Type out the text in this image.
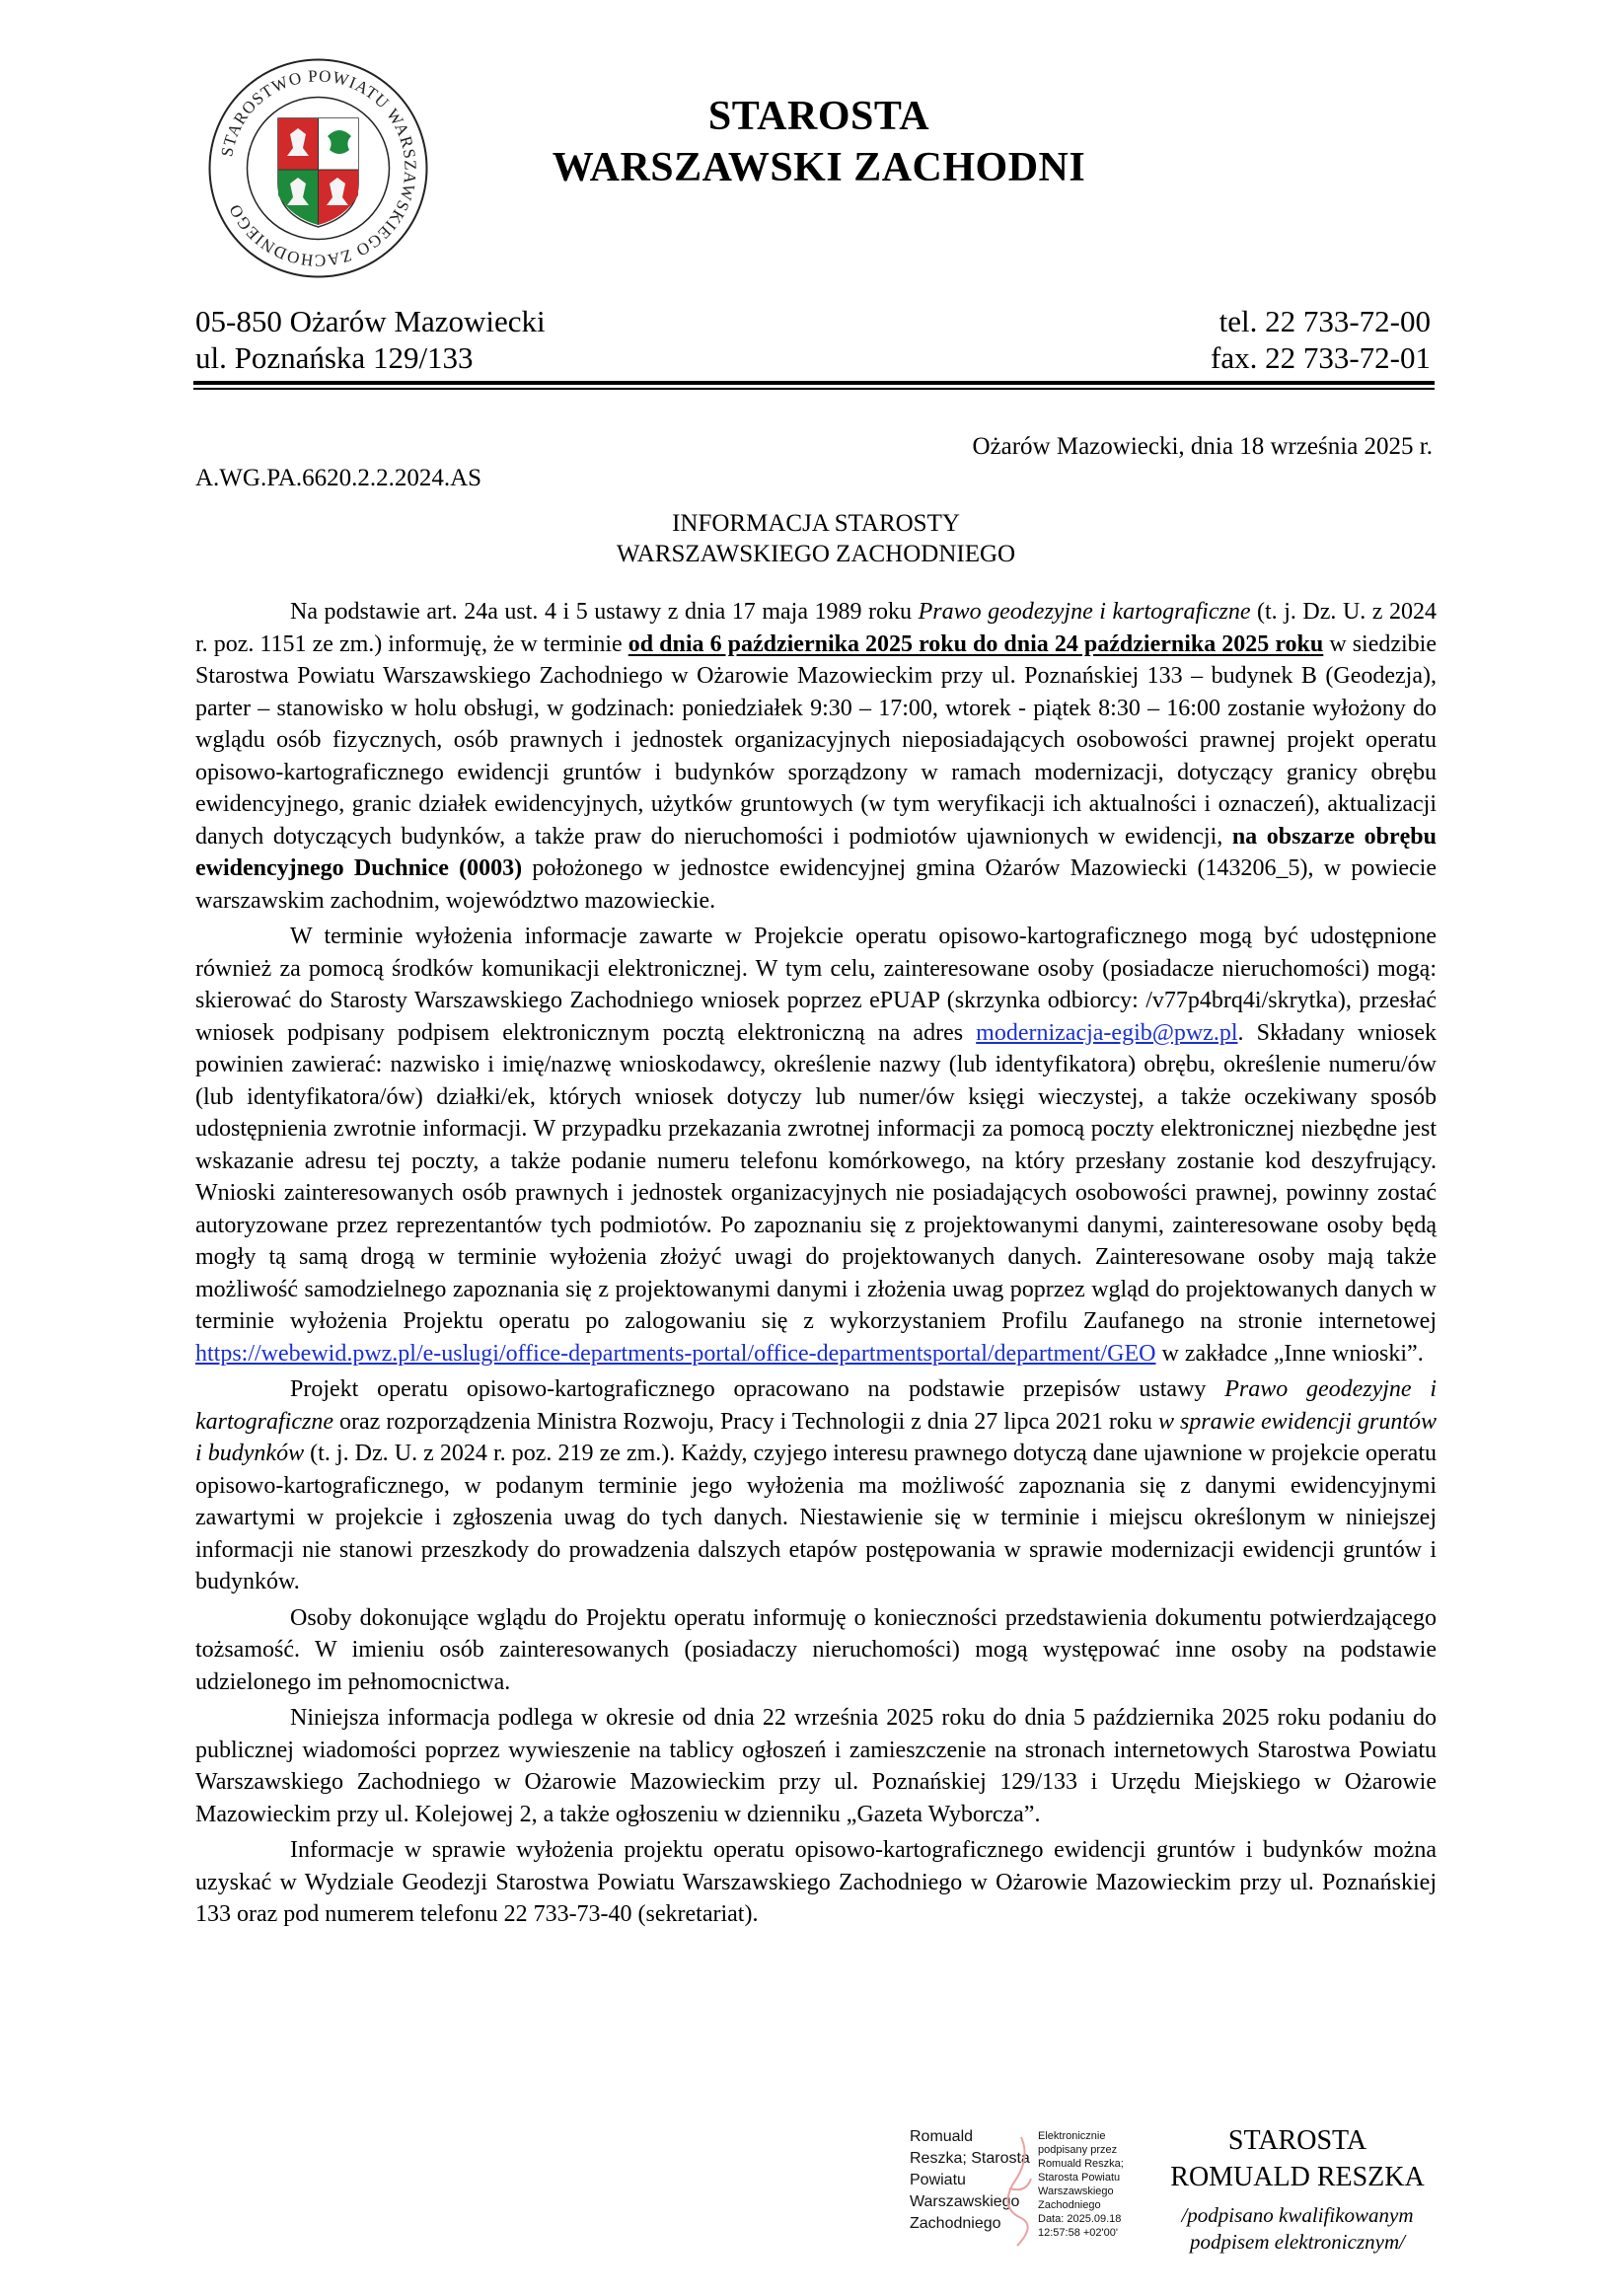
STAROSTWO POWIATU WARSZAWSKIEGO ZACHODNIEGO
STAROSTA
WARSZAWSKI ZACHODNI
05-850 Ożarów Mazowiecki
ul. Poznańska 129/133
tel. 22 733-72-00
fax. 22 733-72-01
Ożarów Mazowiecki, dnia 18 września 2025 r.
A.WG.PA.6620.2.2.2024.AS
INFORMACJA STAROSTY
WARSZAWSKIEGO ZACHODNIEGO

Na podstawie art. 24a ust. 4 i 5 ustawy z dnia 17 maja 1989 roku Prawo geodezyjne i kartograficzne (t. j. Dz. U. z 2024 r. poz. 1151 ze zm.) informuję, że w terminie od dnia 6 października 2025 roku do dnia 24 października 2025 roku w siedzibie Starostwa Powiatu Warszawskiego Zachodniego w Ożarowie Mazowieckim przy ul. Poznańskiej 133 – budynek B (Geodezja), parter – stanowisko w holu obsługi, w godzinach: poniedziałek 9:30 – 17:00, wtorek - piątek 8:30 – 16:00 zostanie wyłożony do wglądu osób fizycznych, osób prawnych i jednostek organizacyjnych nieposiadających osobowości prawnej projekt operatu opisowo-kartograficznego ewidencji gruntów i budynków sporządzony w ramach modernizacji, dotyczący granicy obrębu ewidencyjnego, granic działek ewidencyjnych, użytków gruntowych (w tym weryfikacji ich aktualności i oznaczeń), aktualizacji danych dotyczących budynków, a także praw do nieruchomości i podmiotów ujawnionych w ewidencji, na obszarze obrębu ewidencyjnego Duchnice (0003) położonego w jednostce ewidencyjnej gmina Ożarów Mazowiecki (143206_5), w powiecie warszawskim zachodnim, województwo mazowieckie.

W terminie wyłożenia informacje zawarte w Projekcie operatu opisowo-kartograficznego mogą być udostępnione również za pomocą środków komunikacji elektronicznej. W tym celu, zainteresowane osoby (posiadacze nieruchomości) mogą: skierować do Starosty Warszawskiego Zachodniego wniosek poprzez ePUAP (skrzynka odbiorcy: /v77p4brq4i/skrytka), przesłać wniosek podpisany podpisem elektronicznym pocztą elektroniczną na adres modernizacja-egib@pwz.pl. Składany wniosek powinien zawierać: nazwisko i imię/nazwę wnioskodawcy, określenie nazwy (lub identyfikatora) obrębu, określenie numeru/ów (lub identyfikatora/ów) działki/ek, których wniosek dotyczy lub numer/ów księgi wieczystej, a także oczekiwany sposób udostępnienia zwrotnie informacji. W przypadku przekazania zwrotnej informacji za pomocą poczty elektronicznej niezbędne jest wskazanie adresu tej poczty, a także podanie numeru telefonu komórkowego, na który przesłany zostanie kod deszyfrujący. Wnioski zainteresowanych osób prawnych i jednostek organizacyjnych nie posiadających osobowości prawnej, powinny zostać autoryzowane przez reprezentantów tych podmiotów. Po zapoznaniu się z projektowanymi danymi, zainteresowane osoby będą mogły tą samą drogą w terminie wyłożenia złożyć uwagi do projektowanych danych. Zainteresowane osoby mają także możliwość samodzielnego zapoznania się z projektowanymi danymi i złożenia uwag poprzez wgląd do projektowanych danych w terminie wyłożenia Projektu operatu po zalogowaniu się z wykorzystaniem Profilu Zaufanego na stronie internetowej https://webewid.pwz.pl/e-uslugi/office-departments-portal/office-departmentsportal/department/GEO w zakładce „Inne wnioski”.

Projekt operatu opisowo-kartograficznego opracowano na podstawie przepisów ustawy Prawo geodezyjne i kartograficzne oraz rozporządzenia Ministra Rozwoju, Pracy i Technologii z dnia 27 lipca 2021 roku w sprawie ewidencji gruntów i budynków (t. j. Dz. U. z 2024 r. poz. 219 ze zm.). Każdy, czyjego interesu prawnego dotyczą dane ujawnione w projekcie operatu opisowo-kartograficznego, w podanym terminie jego wyłożenia ma możliwość zapoznania się z danymi ewidencyjnymi zawartymi w projekcie i zgłoszenia uwag do tych danych. Niestawienie się w terminie i miejscu określonym w niniejszej informacji nie stanowi przeszkody do prowadzenia dalszych etapów postępowania w sprawie modernizacji ewidencji gruntów i budynków.

Osoby dokonujące wglądu do Projektu operatu informuję o konieczności przedstawienia dokumentu potwierdzającego tożsamość. W imieniu osób zainteresowanych (posiadaczy nieruchomości) mogą występować inne osoby na podstawie udzielonego im pełnomocnictwa.

Niniejsza informacja podlega w okresie od dnia 22 września 2025 roku do dnia 5 października 2025 roku podaniu do publicznej wiadomości poprzez wywieszenie na tablicy ogłoszeń i zamieszczenie na stronach internetowych Starostwa Powiatu Warszawskiego Zachodniego w Ożarowie Mazowieckim przy ul. Poznańskiej 129/133 i Urzędu Miejskiego w Ożarowie Mazowieckim przy ul. Kolejowej 2, a także ogłoszeniu w dzienniku „Gazeta Wyborcza”.

Informacje w sprawie wyłożenia projektu operatu opisowo-kartograficznego ewidencji gruntów i budynków można uzyskać w Wydziale Geodezji Starostwa Powiatu Warszawskiego Zachodniego w Ożarowie Mazowieckim przy ul. Poznańskiej 133 oraz pod numerem telefonu 22 733-73-40 (sekretariat).

Romuald
Reszka; Starosta
Powiatu
Warszawskiego
Zachodniego
Elektronicznie
podpisany przez
Romuald Reszka;
Starosta Powiatu
Warszawskiego
Zachodniego
Data: 2025.09.18
12:57:58 +02'00'
STAROSTA
ROMUALD RESZKA
/podpisano kwalifikowanym
podpisem elektronicznym/
